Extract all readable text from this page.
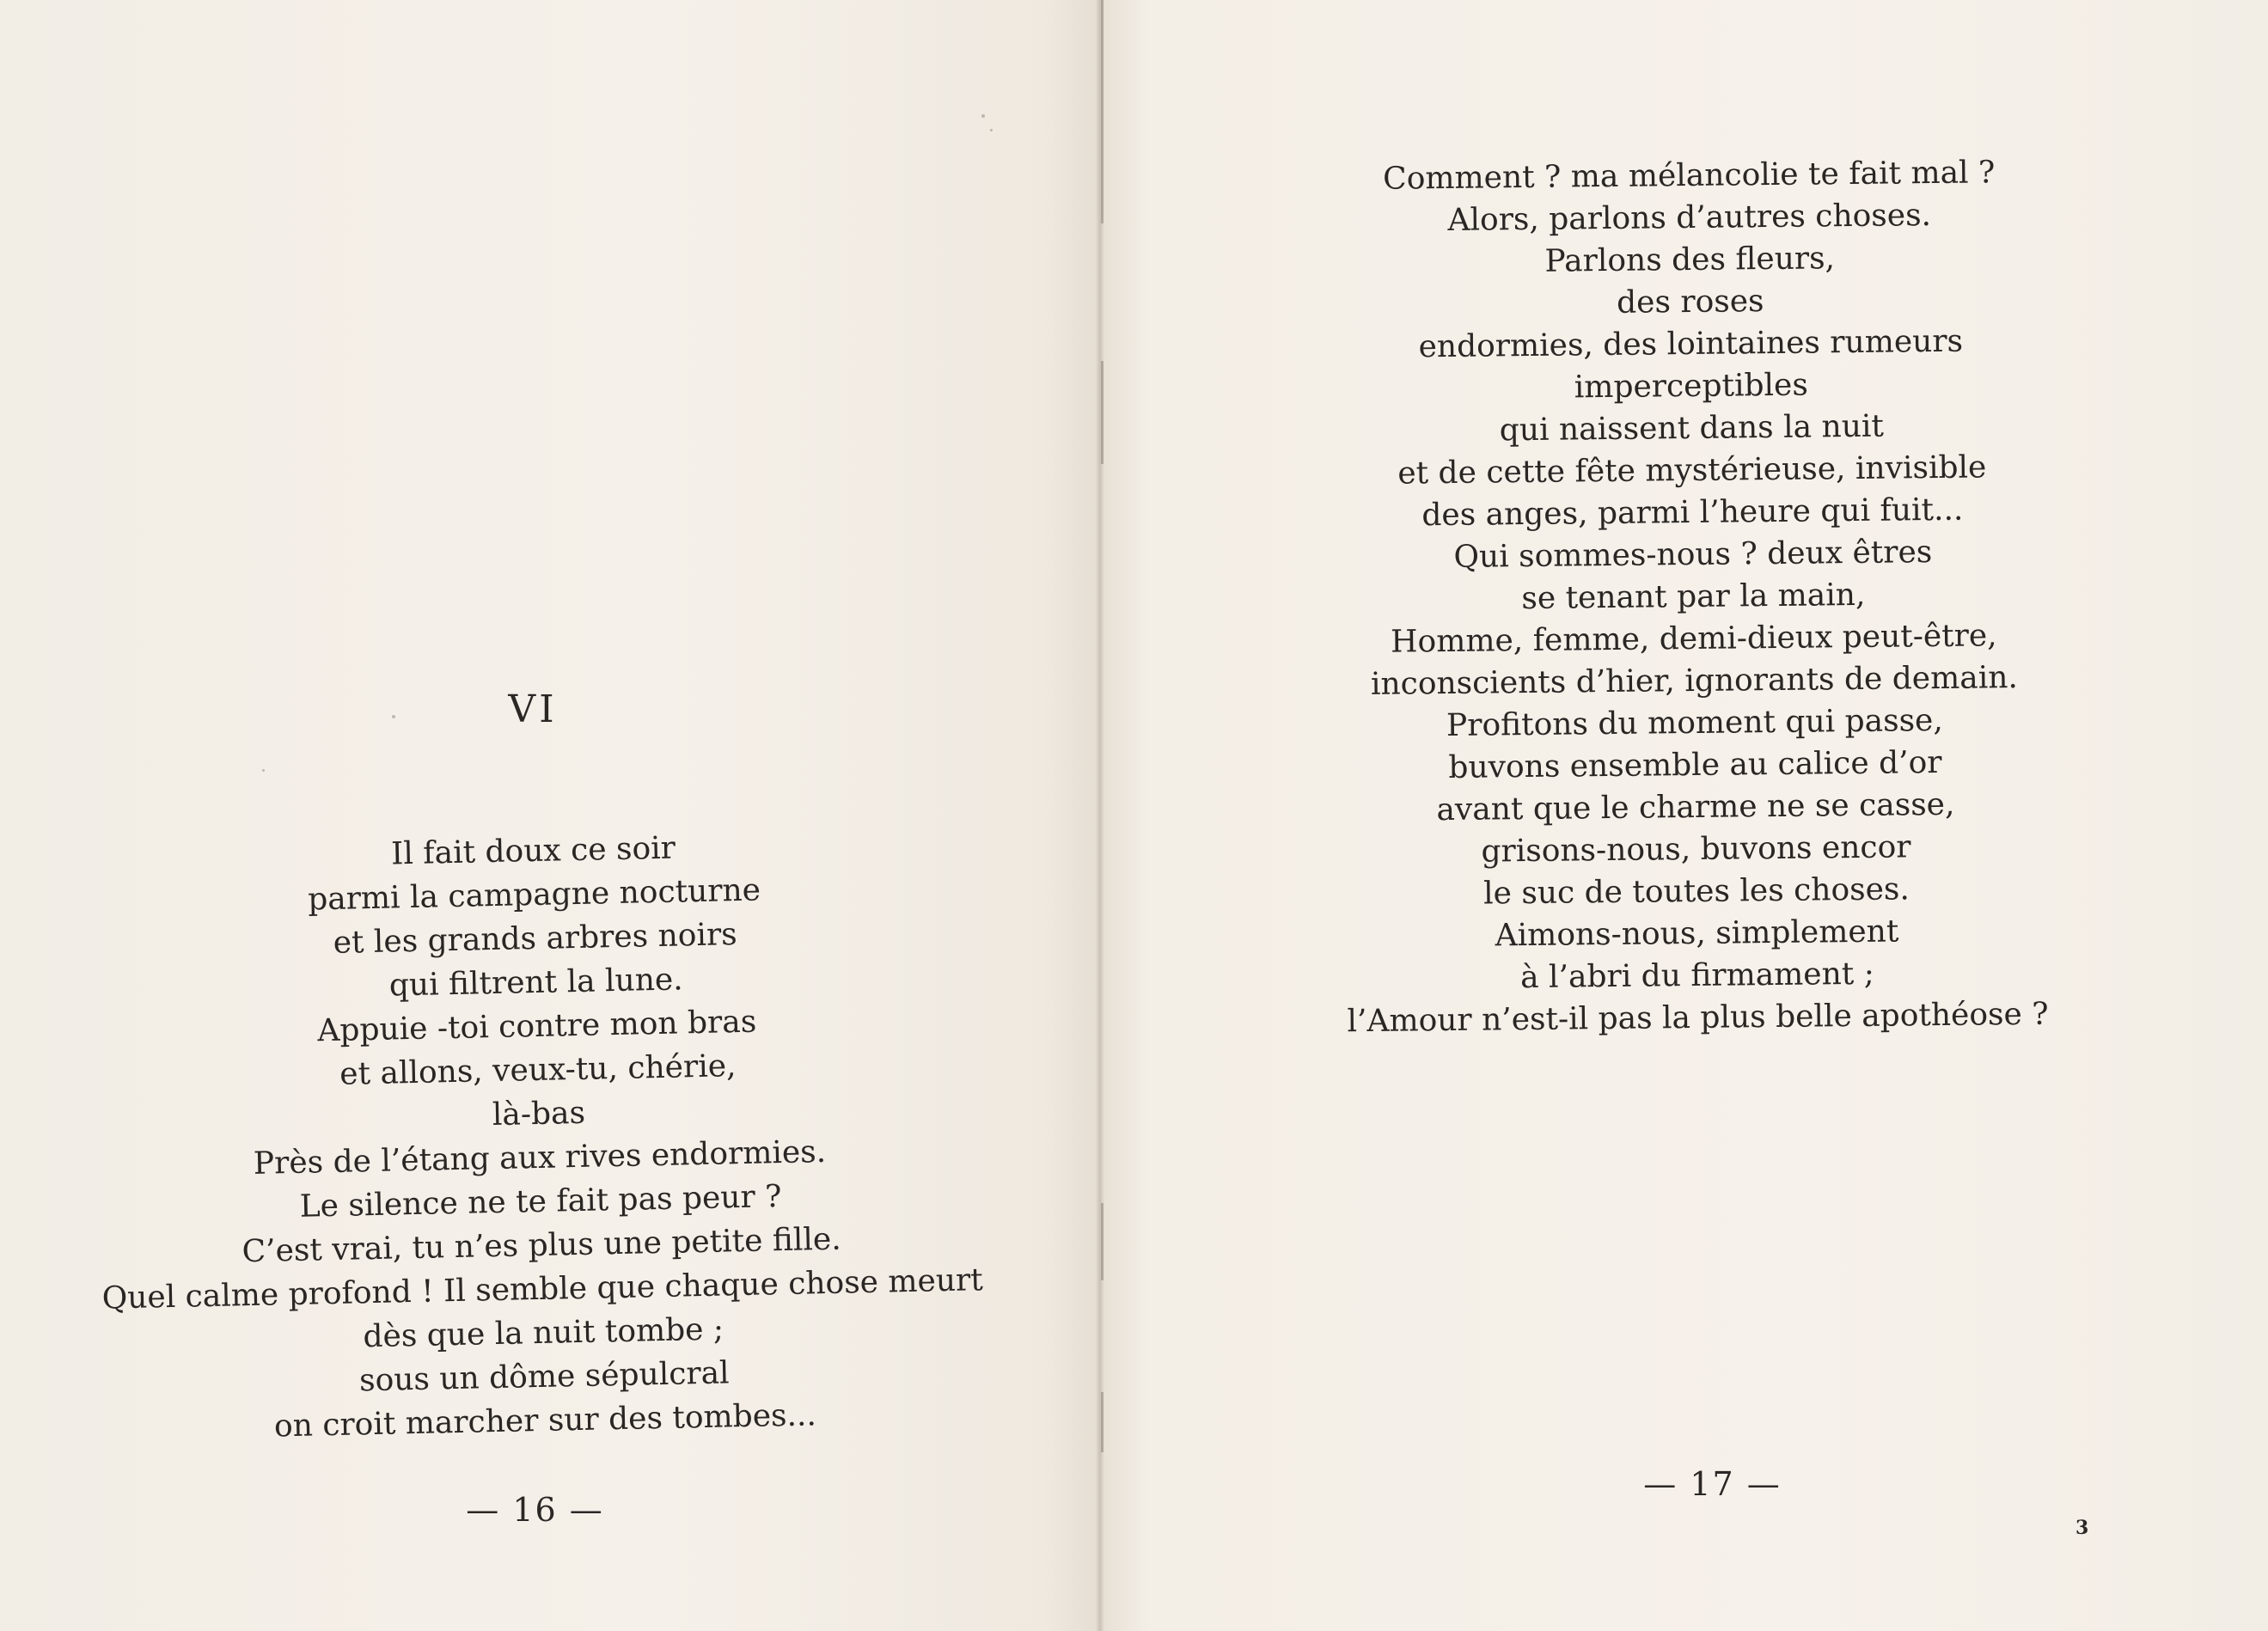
VI
Il fait doux ce soir
parmi la campagne nocturne
et les grands arbres noirs
qui filtrent la lune.
Appuie -toi contre mon bras
et allons, veux-tu, chérie,
là-bas
Près de l’étang aux rives endormies.
Le silence ne te fait pas peur ?
C’est vrai, tu n’es plus une petite fille.
Quel calme profond ! Il semble que chaque chose meurt
dès que la nuit tombe ;
sous un dôme sépulcral
on croit marcher sur des tombes...
— 16 —
Comment ? ma mélancolie te fait mal ?
Alors, parlons d’autres choses.
Parlons des fleurs,
des roses
endormies, des lointaines rumeurs
imperceptibles
qui naissent dans la nuit
et de cette fête mystérieuse, invisible
des anges, parmi l’heure qui fuit...
Qui sommes-nous ? deux êtres
se tenant par la main,
Homme, femme, demi-dieux peut-être,
inconscients d’hier, ignorants de demain.
Profitons du moment qui passe,
buvons ensemble au calice d’or
avant que le charme ne se casse,
grisons-nous, buvons encor
le suc de toutes les choses.
Aimons-nous, simplement
à l’abri du firmament ;
l’Amour n’est-il pas la plus belle apothéose ?
— 17 —
3
